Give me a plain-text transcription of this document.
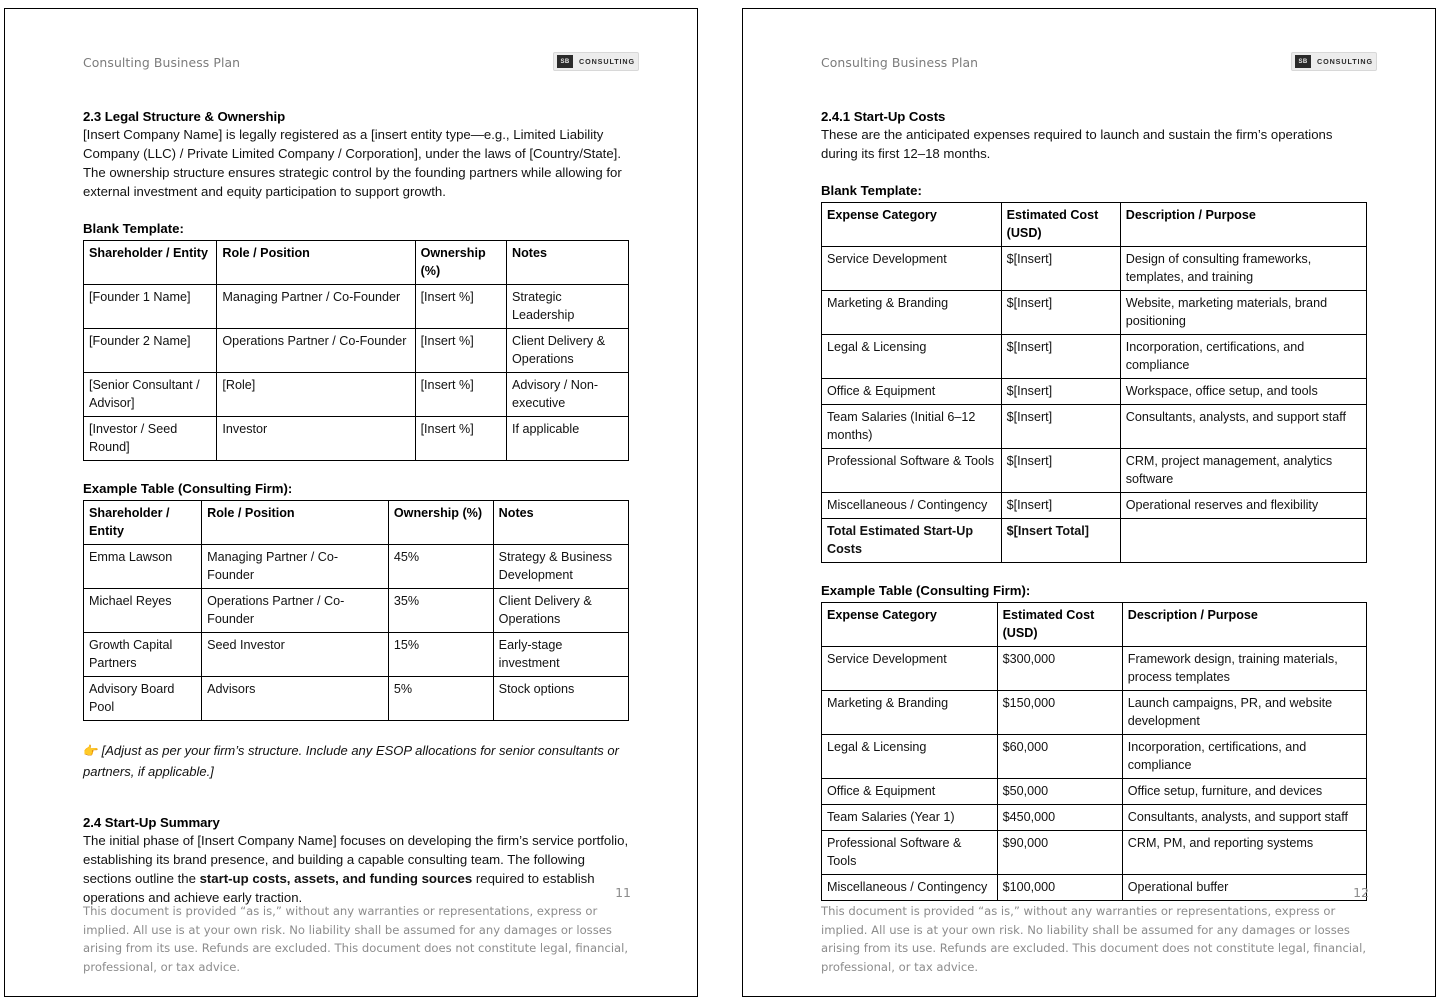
Consulting Business Plan	SB	CONSULTING
2.3 Legal Structure & Ownership

[Insert Company Name] is legally registered as a [insert entity type—e.g., Limited Liability Company (LLC) / Private Limited Company / Corporation], under the laws of [Country/State].

The ownership structure ensures strategic control by the founding partners while allowing for external investment and equity participation to support growth.

Blank Template:
Shareholder / Entity	Role / Position	Ownership (%)	Notes
[Founder 1 Name]	Managing Partner / Co-Founder	[Insert %]	Strategic Leadership
[Founder 2 Name]	Operations Partner / Co-Founder	[Insert %]	Client Delivery & Operations
[Senior Consultant / Advisor]	[Role]	[Insert %]	Advisory / Non-executive
[Investor / Seed Round]	Investor	[Insert %]	If applicable
Example Table (Consulting Firm):
Shareholder / Entity	Role / Position	Ownership (%)	Notes
Emma Lawson	Managing Partner / Co-Founder	45%	Strategy & Business Development
Michael Reyes	Operations Partner / Co-Founder	35%	Client Delivery & Operations
Growth Capital Partners	Seed Investor	15%	Early-stage investment
Advisory Board Pool	Advisors	5%	Stock options
👉 [Adjust as per your firm’s structure. Include any ESOP allocations for senior consultants or partners, if applicable.]
2.4 Start-Up Summary

The initial phase of [Insert Company Name] focuses on developing the firm’s service portfolio, establishing its brand presence, and building a capable consulting team. The following sections outline the start-up costs, assets, and funding sources required to establish operations and achieve early traction.	11
This document is provided “as is,” without any warranties or representations, express or implied. All use is at your own risk. No liability shall be assumed for any damages or losses arising from its use. Refunds are excluded. This document does not constitute legal, financial, professional, or tax advice.
Consulting Business Plan	SB	CONSULTING
2.4.1 Start-Up Costs

These are the anticipated expenses required to launch and sustain the firm’s operations during its first 12–18 months.

Blank Template:
Expense Category	Estimated Cost (USD)	Description / Purpose
Service Development	$[Insert]	Design of consulting frameworks, templates, and training
Marketing & Branding	$[Insert]	Website, marketing materials, brand positioning
Legal & Licensing	$[Insert]	Incorporation, certifications, and compliance
Office & Equipment	$[Insert]	Workspace, office setup, and tools
Team Salaries (Initial 6–12 months)	$[Insert]	Consultants, analysts, and support staff
Professional Software & Tools	$[Insert]	CRM, project management, analytics software
Miscellaneous / Contingency	$[Insert]	Operational reserves and flexibility
Total Estimated Start-Up Costs	$[Insert Total]	
Example Table (Consulting Firm):
Expense Category	Estimated Cost (USD)	Description / Purpose
Service Development	$300,000	Framework design, training materials, process templates
Marketing & Branding	$150,000	Launch campaigns, PR, and website development
Legal & Licensing	$60,000	Incorporation, certifications, and compliance
Office & Equipment	$50,000	Office setup, furniture, and devices
Team Salaries (Year 1)	$450,000	Consultants, analysts, and support staff
Professional Software & Tools	$90,000	CRM, PM, and reporting systems
Miscellaneous / Contingency	$100,000	Operational buffer	12
This document is provided “as is,” without any warranties or representations, express or implied. All use is at your own risk. No liability shall be assumed for any damages or losses arising from its use. Refunds are excluded. This document does not constitute legal, financial, professional, or tax advice.
